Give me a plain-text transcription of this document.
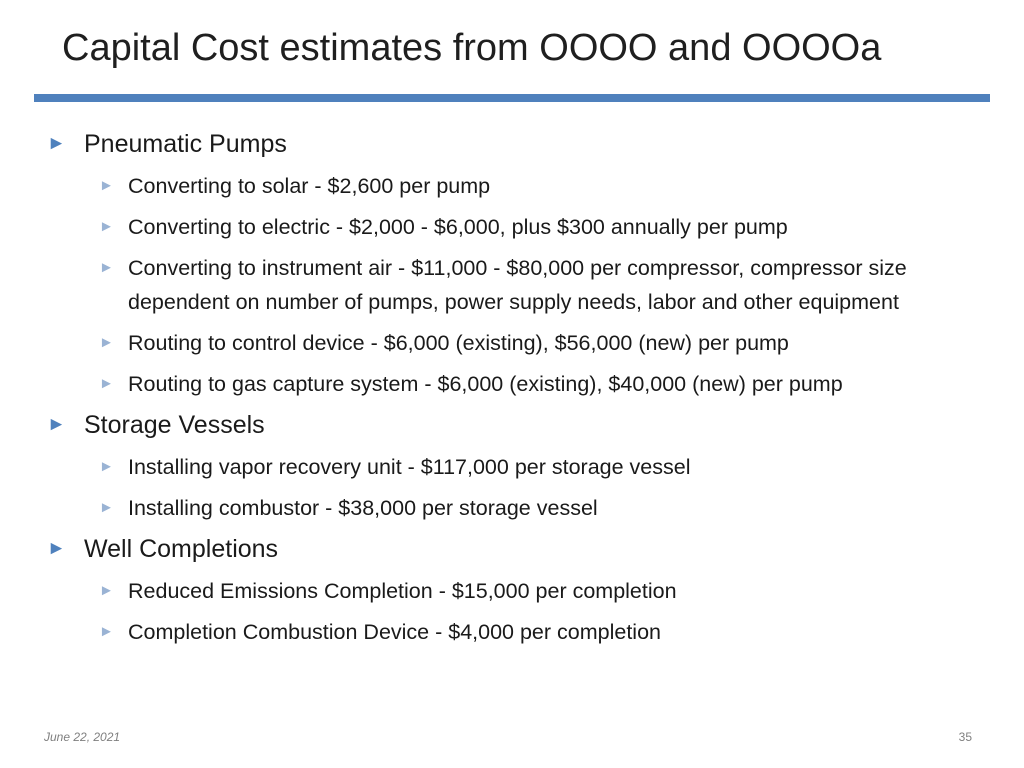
Capital Cost estimates from OOOO and OOOOa
► Pneumatic Pumps
► Converting to solar - $2,600 per pump
► Converting to electric - $2,000 - $6,000, plus $300 annually per pump
► Converting to instrument air - $11,000 - $80,000 per compressor, compressor size dependent on number of pumps, power supply needs, labor and other equipment
► Routing to control device - $6,000 (existing), $56,000 (new) per pump
► Routing to gas capture system - $6,000 (existing), $40,000 (new) per pump
► Storage Vessels
► Installing vapor recovery unit - $117,000 per storage vessel
► Installing combustor - $38,000 per storage vessel
► Well Completions
► Reduced Emissions Completion - $15,000 per completion
► Completion Combustion Device - $4,000 per completion
June 22, 2021	35
